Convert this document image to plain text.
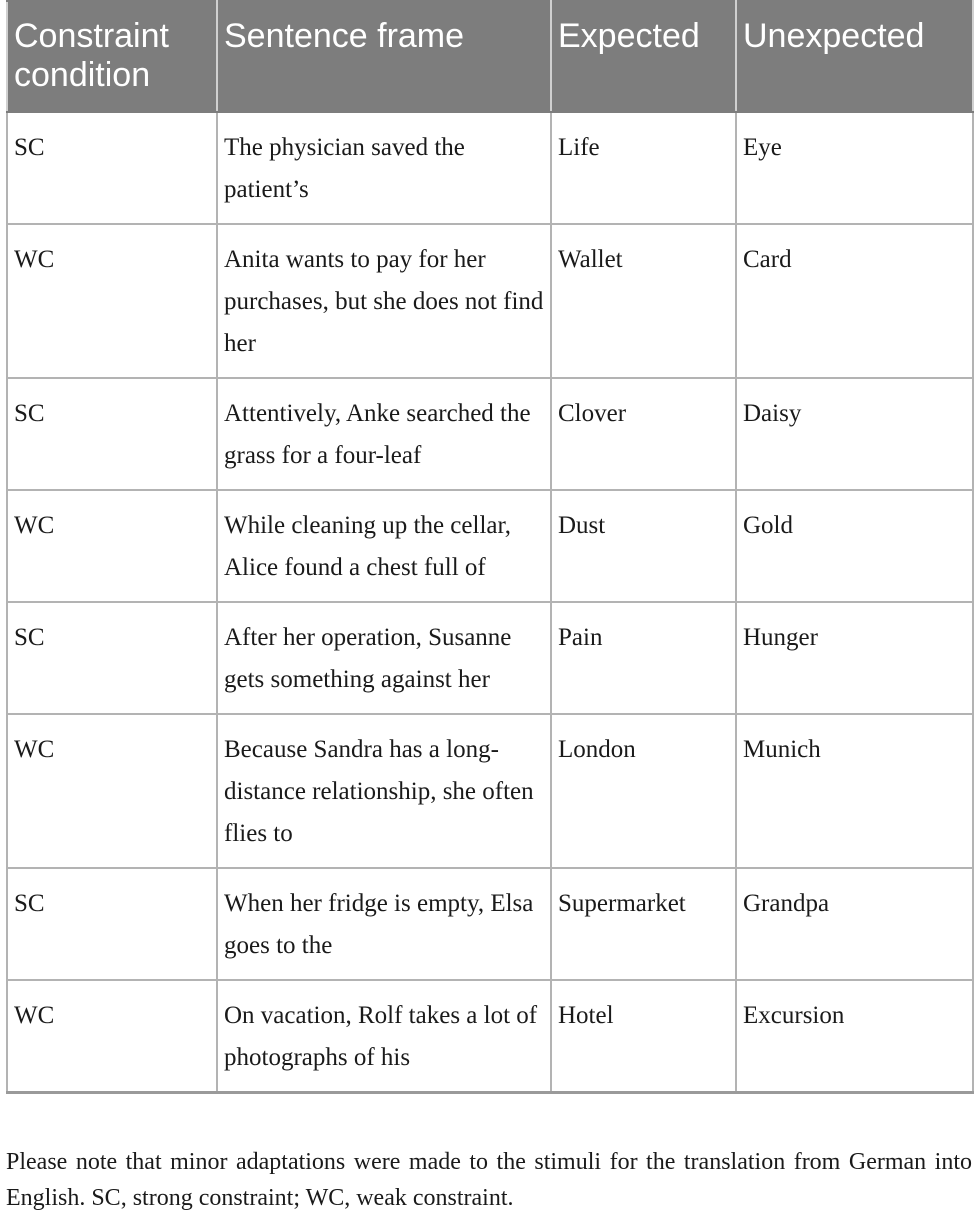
Constraint condition	Sentence frame	Expected	Unexpected
SC	The physician saved the patient’s	Life	Eye
WC	Anita wants to pay for her purchases, but she does not find her	Wallet	Card
SC	Attentively, Anke searched the grass for a four-leaf	Clover	Daisy
WC	While cleaning up the cellar, Alice found a chest full of	Dust	Gold
SC	After her operation, Susanne gets something against her	Pain	Hunger
WC	Because Sandra has a long-distance relationship, she often flies to	London	Munich
SC	When her fridge is empty, Elsa goes to the	Supermarket	Grandpa
WC	On vacation, Rolf takes a lot of photographs of his	Hotel	Excursion

Please note that minor adaptations were made to the stimuli for the translation from German into English. SC, strong constraint; WC, weak constraint.
